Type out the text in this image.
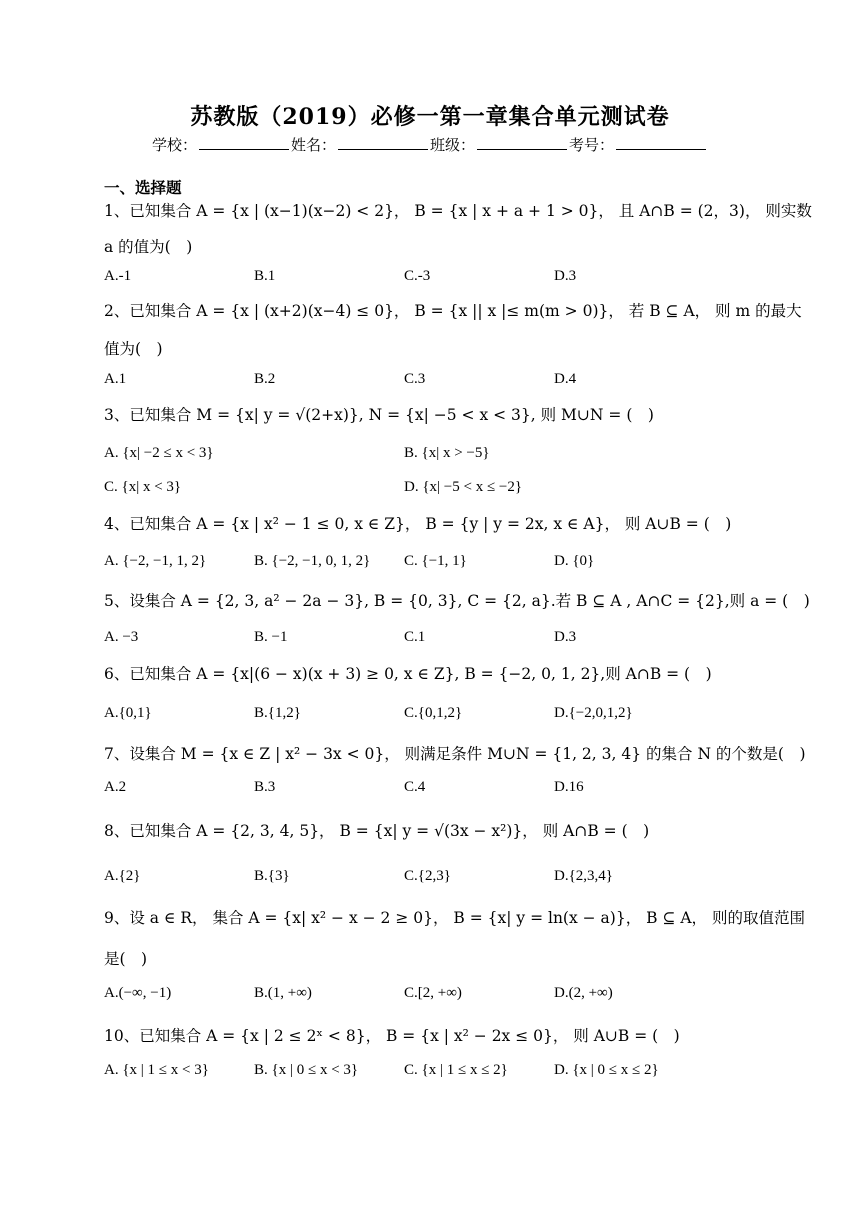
苏教版（2019）必修一第一章集合单元测试卷
学校：	姓名：	班级：	考号：
一、选择题
1、已知集合 A = {x | (x−1)(x−2) < 2}， B = {x | x + a + 1 > 0}， 且 A∩B = (2，3)， 则实数
a 的值为(　)
A.-1	B.1	C.-3	D.3
2、已知集合 A = {x | (x+2)(x−4) ≤ 0}， B = {x || x |≤ m(m > 0)}， 若 B ⊆ A， 则 m 的最大
值为(　)
A.1	B.2	C.3	D.4
3、已知集合 M = {x| y = √(2+x)}, N = {x| −5 < x < 3}, 则 M∪N = (　)
A. {x| −2 ≤ x < 3}	B. {x| x > −5}
C. {x| x < 3}	D. {x| −5 < x ≤ −2}
4、已知集合 A = {x | x² − 1 ≤ 0, x ∈ Z}， B = {y | y = 2x, x ∈ A}， 则 A∪B = (　)
A. {−2, −1, 1, 2}	B. {−2, −1, 0, 1, 2} C. {−1, 1}	D. {0}
5、设集合 A = {2, 3, a² − 2a − 3}, B = {0, 3}, C = {2, a}.若 B ⊆ A , A∩C = {2},则 a = (　)
A. −3	B. −1	C.1	D.3
6、已知集合 A = {x|(6 − x)(x + 3) ≥ 0, x ∈ Z}, B = {−2, 0, 1, 2},则 A∩B = (　)
A.{0,1}	B.{1,2}	C.{0,1,2}	D.{−2,0,1,2}
7、设集合 M = {x ∈ Z | x² − 3x < 0}， 则满足条件 M∪N = {1, 2, 3, 4} 的集合 N 的个数是(　)
A.2	B.3	C.4	D.16
8、已知集合 A = {2, 3, 4, 5}， B = {x| y = √(3x − x²)}， 则 A∩B = (　)
A.{2}	B.{3}	C.{2,3}	D.{2,3,4}
9、设 a ∈ R， 集合 A = {x| x² − x − 2 ≥ 0}， B = {x| y = ln(x − a)}， B ⊆ A， 则的取值范围
是(　)
A.(−∞, −1)	B.(1, +∞)	C.[2, +∞)	D.(2, +∞)
10、已知集合 A = {x | 2 ≤ 2ˣ < 8}， B = {x | x² − 2x ≤ 0}， 则 A∪B = (　)
A. {x | 1 ≤ x < 3}	B. {x | 0 ≤ x < 3}	C. {x | 1 ≤ x ≤ 2}	D. {x | 0 ≤ x ≤ 2}
